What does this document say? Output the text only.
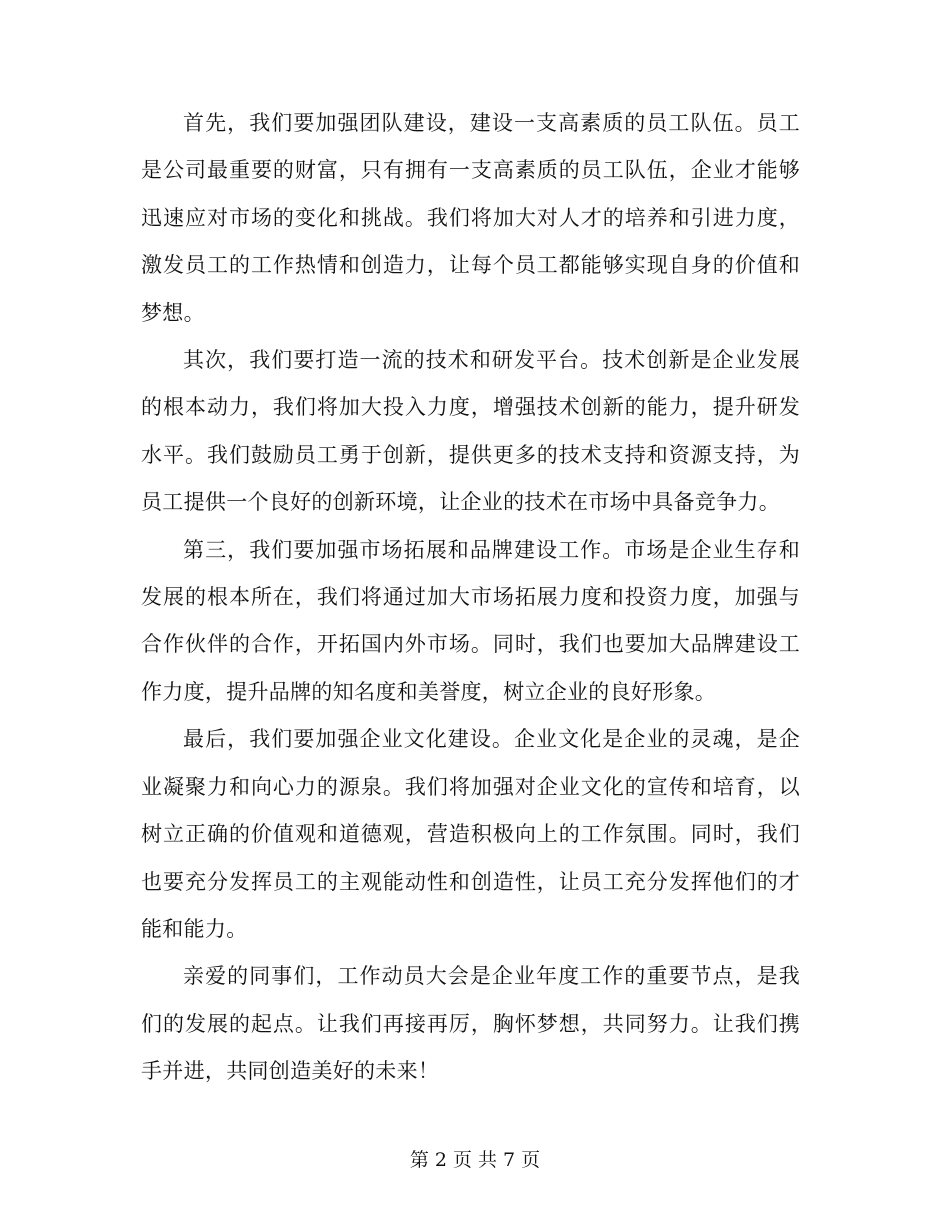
首先，我们要加强团队建设，建设一支高素质的员工队伍。员工是公司最重要的财富，只有拥有一支高素质的员工队伍，企业才能够迅速应对市场的变化和挑战。我们将加大对人才的培养和引进力度，激发员工的工作热情和创造力，让每个员工都能够实现自身的价值和梦想。

其次，我们要打造一流的技术和研发平台。技术创新是企业发展的根本动力，我们将加大投入力度，增强技术创新的能力，提升研发水平。我们鼓励员工勇于创新，提供更多的技术支持和资源支持，为员工提供一个良好的创新环境，让企业的技术在市场中具备竞争力。

第三，我们要加强市场拓展和品牌建设工作。市场是企业生存和发展的根本所在，我们将通过加大市场拓展力度和投资力度，加强与合作伙伴的合作，开拓国内外市场。同时，我们也要加大品牌建设工作力度，提升品牌的知名度和美誉度，树立企业的良好形象。

最后，我们要加强企业文化建设。企业文化是企业的灵魂，是企业凝聚力和向心力的源泉。我们将加强对企业文化的宣传和培育，以树立正确的价值观和道德观，营造积极向上的工作氛围。同时，我们也要充分发挥员工的主观能动性和创造性，让员工充分发挥他们的才能和能力。

亲爱的同事们，工作动员大会是企业年度工作的重要节点，是我们的发展的起点。让我们再接再厉，胸怀梦想，共同努力。让我们携手并进，共同创造美好的未来！

第 2 页 共 7 页
